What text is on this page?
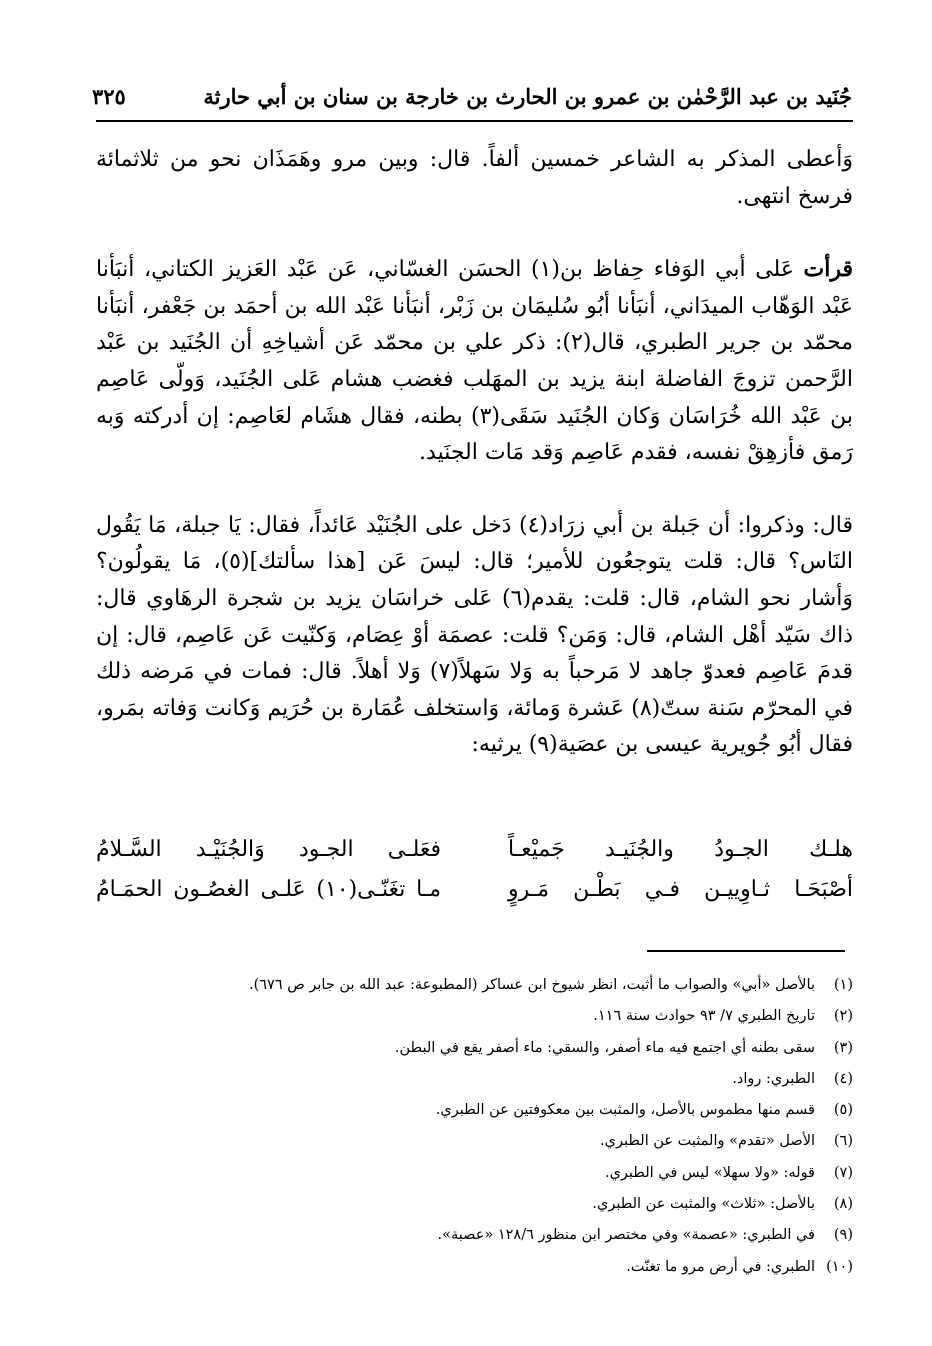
جُنَيد بن عبد الرَّحْمٰن بن عمرو بن الحارث بن خارجة بن سنان بن أبي حارثة
٣٢٥

وَأعطى المذكر به الشاعر خمسين ألفاً. قال: وبين مرو وهَمَذَان نحو من ثلاثمائة فرسخ انتهى.

قرأت عَلى أبي الوَفاء حِفاظ بن(١) الحسَن الغسّاني، عَن عَبْد العَزيز الكتاني، أنبَأنا عَبْد الوَهّاب الميدَاني، أنبَأنا أبُو سُليمَان بن زَبْر، أنبَأنا عَبْد الله بن أحمَد بن جَعْفر، أنبَأنا محمّد بن جرير الطبري، قال(٢): ذكر علي بن محمّد عَن أشياخِهِ أن الجُنَيد بن عَبْد الرَّحمن تزوجَ الفاضلة ابنة يزيد بن المهَلب فغضب هشام عَلى الجُنَيد، وَولّى عَاصِم بن عَبْد الله خُرَاسَان وَكان الجُنَيد سَقَى(٣) بطنه، فقال هشَام لعَاصِم: إن أدركته وَبه رَمق فأزهِقْ نفسه، فقدم عَاصِم وَقد مَات الجنَيد.

قال: وذكروا: أن جَبلة بن أبي زرَاد(٤) دَخل على الجُنَيْد عَائداً، فقال: يَا جبلة، مَا يَقُول النَاس؟ قال: قلت يتوجعُون للأمير؛ قال: ليسَ عَن [هذا سألتك](٥)، مَا يقولُون؟ وَأشار نحو الشام، قال: قلت: يقدم(٦) عَلى خراسَان يزيد بن شجرة الرهَاوي قال: ذاك سَيّد أهْل الشام، قال: وَمَن؟ قلت: عصمَة أوْ عِصَام، وَكنّيت عَن عَاصِم، قال: إن قدمَ عَاصِم فعدوّ جاهد لا مَرحباً به وَلا سَهلاً(٧) وَلا أهلاً. قال: فمات في مَرضه ذلك في المحرّم سَنة ستّ(٨) عَشرة وَمائة، وَاستخلف عُمَارة بن حُرَيم وَكانت وَفاته بمَرو، فقال أبُو جُويرية عيسى بن عصَية(٩) يرثيه:

هلـك الجـودُ والجُنَيـد جَميْعـاً
فعَلـى الجـود وَالجُنَيْـد السَّـلامُ
أصْبَحَـا ثـاوِييـن فـي بَطْـن مَـروٍ
مـا تغَنّـى(١٠) عَلـى الغصُـون الحمَـامُ
(١)
بالأصل «أبي» والصواب ما أثبت، انظر شيوخ ابن عساكر (المطبوعة: عبد الله بن جابر ص ٦٧٦).
(٢)
تاريخ الطبري ٧/ ٩٣ حوادث سنة ١١٦.
(٣)
سقى بطنه أي اجتمع فيه ماء أصفر، والسقي: ماء أصفر يقع في البطن.
(٤)
الطبري: رواد.
(٥)
قسم منها مطموس بالأصل، والمثبت بين معكوفتين عن الطبري.
(٦)
الأصل «تقدم» والمثبت عن الطبري.
(٧)
قوله: «ولا سهلا» ليس في الطبري.
(٨)
بالأصل: «ثلاث» والمثبت عن الطبري.
(٩)
في الطبري: «عصمة» وفي مختصر ابن منظور ١٢٨/٦ «عصبة».
(١٠)
الطبري: في أرض مرو ما تغنّت.
